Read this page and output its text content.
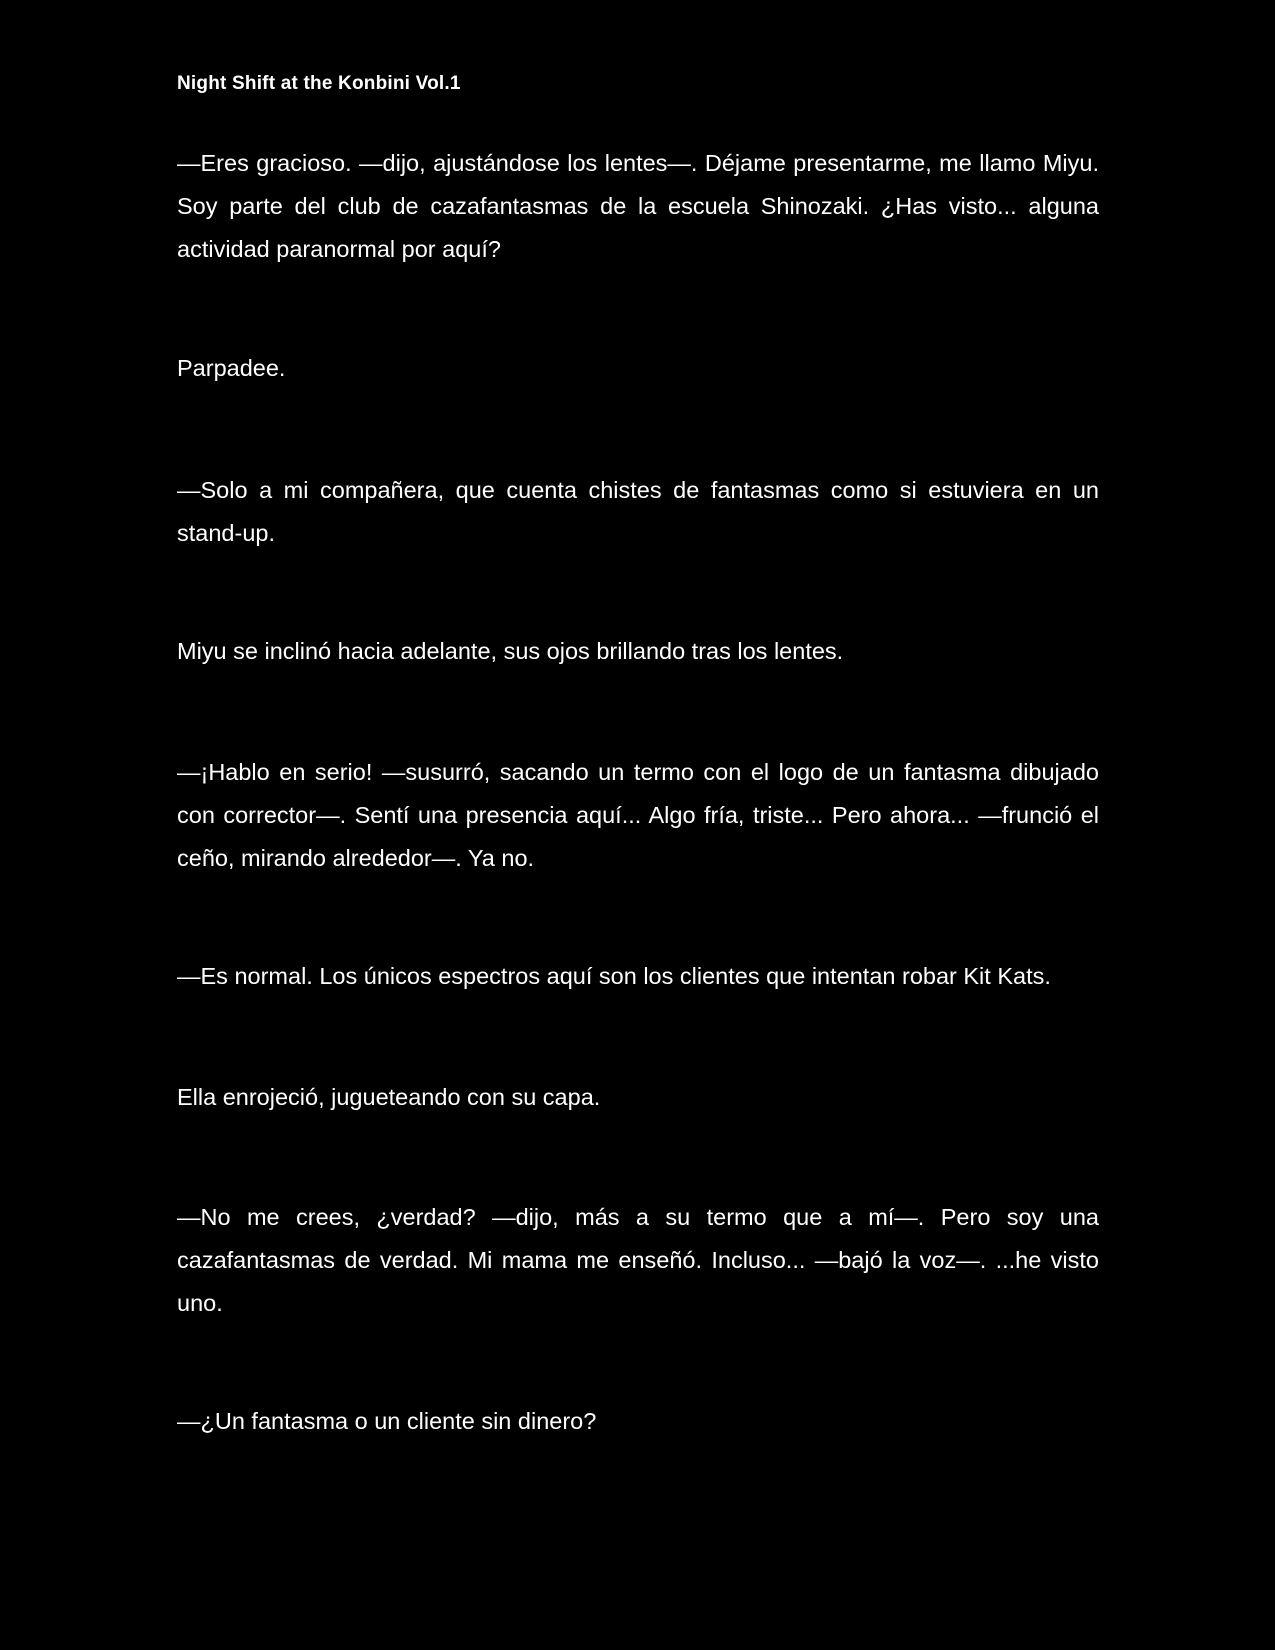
Night Shift at the Konbini Vol.1

—Eres gracioso. —dijo, ajustándose los lentes—. Déjame presentarme, me llamo Miyu. Soy parte del club de cazafantasmas de la escuela Shinozaki. ¿Has visto... alguna actividad paranormal por aquí?

Parpadee.

—Solo a mi compañera, que cuenta chistes de fantasmas como si estuviera en un stand-up.

Miyu se inclinó hacia adelante, sus ojos brillando tras los lentes.

—¡Hablo en serio! —susurró, sacando un termo con el logo de un fantasma dibujado con corrector—. Sentí una presencia aquí... Algo fría, triste... Pero ahora... —frunció el ceño, mirando alrededor—. Ya no.

—Es normal. Los únicos espectros aquí son los clientes que intentan robar Kit Kats.

Ella enrojeció, jugueteando con su capa.

—No me crees, ¿verdad? —dijo, más a su termo que a mí—. Pero soy una cazafantasmas de verdad. Mi mama me enseñó. Incluso... —bajó la voz—. ...he visto uno.

—¿Un fantasma o un cliente sin dinero?
